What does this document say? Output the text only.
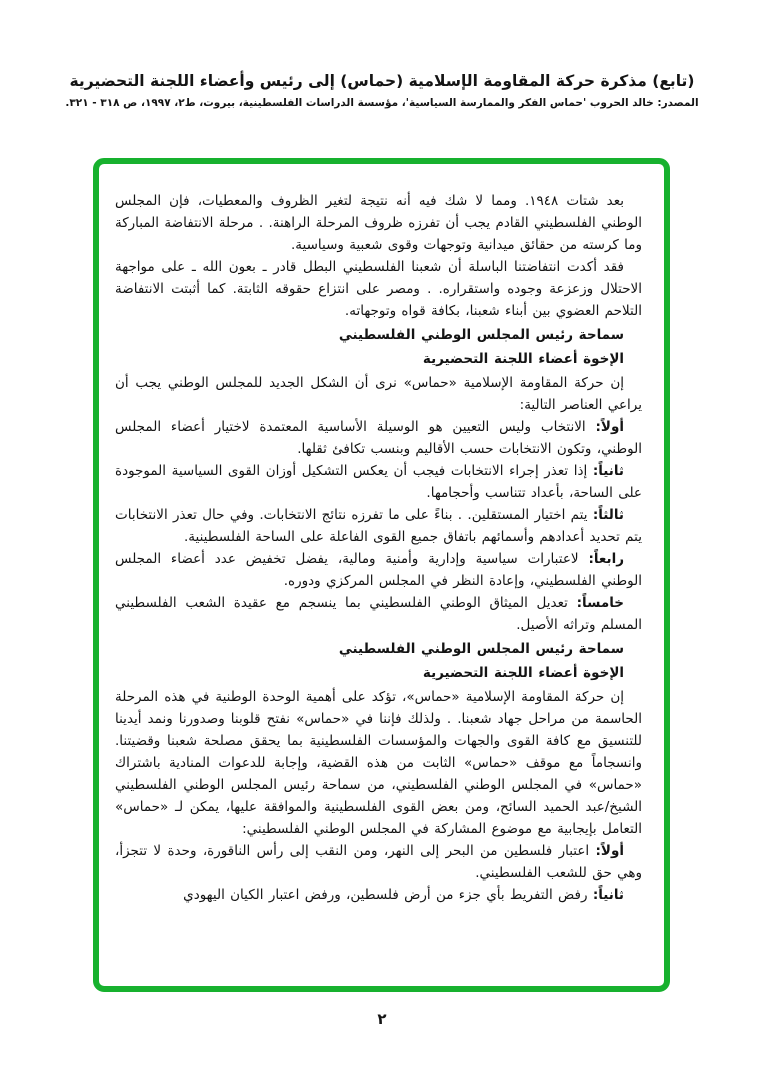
(تابع) مذكرة حركة المقاومة الإسلامية (حماس) إلى رئيس وأعضاء اللجنة التحضيرية
المصدر: خالد الحروب 'حماس الفكر والممارسة السياسية'، مؤسسة الدراسات الفلسطينية، بيروت، ط٢، ١٩٩٧، ص ٣١٨ - ٣٢١.

بعد شتات ١٩٤٨. ومما لا شك فيه أنه نتيجة لتغير الظروف والمعطيات، فإن المجلس الوطني الفلسطيني القادم يجب أن تفرزه ظروف المرحلة الراهنة. . مرحلة الانتفاضة المباركة وما كرسته من حقائق ميدانية وتوجهات وقوى شعبية وسياسية.

فقد أكدت انتفاضتنا الباسلة أن شعبنا الفلسطيني البطل قادر ـ بعون الله ـ على مواجهة الاحتلال وزعزعة وجوده واستقراره. . ومصر على انتزاع حقوقه الثابتة. كما أثبتت الانتفاضة التلاحم العضوي بين أبناء شعبنا، بكافة قواه وتوجهاته.

سماحة رئيس المجلس الوطني الفلسطيني

الإخوة أعضاء اللجنة التحضيرية

إن حركة المقاومة الإسلامية «حماس» نرى أن الشكل الجديد للمجلس الوطني يجب أن يراعي العناصر التالية:

أولاً: الانتخاب وليس التعيين هو الوسيلة الأساسية المعتمدة لاختيار أعضاء المجلس الوطني، وتكون الانتخابات حسب الأقاليم وبنسب تكافئ ثقلها.

ثانياً: إذا تعذر إجراء الانتخابات فيجب أن يعكس التشكيل أوزان القوى السياسية الموجودة على الساحة، بأعداد تتناسب وأحجامها.

ثالثاً: يتم اختيار المستقلين. . بناءً على ما تفرزه نتائج الانتخابات. وفي حال تعذر الانتخابات يتم تحديد أعدادهم وأسمائهم باتفاق جميع القوى الفاعلة على الساحة الفلسطينية.

رابعاً: لاعتبارات سياسية وإدارية وأمنية ومالية، يفضل تخفيض عدد أعضاء المجلس الوطني الفلسطيني، وإعادة النظر في المجلس المركزي ودوره.

خامساً: تعديل الميثاق الوطني الفلسطيني بما ينسجم مع عقيدة الشعب الفلسطيني المسلم وتراثه الأصيل.

سماحة رئيس المجلس الوطني الفلسطيني

الإخوة أعضاء اللجنة التحضيرية

إن حركة المقاومة الإسلامية «حماس»، تؤكد على أهمية الوحدة الوطنية في هذه المرحلة الحاسمة من مراحل جهاد شعبنا. . ولذلك فإننا في «حماس» نفتح قلوبنا وصدورنا ونمد أيدينا للتنسيق مع كافة القوى والجهات والمؤسسات الفلسطينية بما يحقق مصلحة شعبنا وقضيتنا. وانسجاماً مع موقف «حماس» الثابت من هذه القضية، وإجابة للدعوات المنادية باشتراك «حماس» في المجلس الوطني الفلسطيني، من سماحة رئيس المجلس الوطني الفلسطيني الشيخ/عبد الحميد السائح، ومن بعض القوى الفلسطينية والموافقة عليها، يمكن لـ «حماس» التعامل بإيجابية مع موضوع المشاركة في المجلس الوطني الفلسطيني:

أولاً: اعتبار فلسطين من البحر إلى النهر، ومن النقب إلى رأس الناقورة، وحدة لا تتجزأ، وهي حق للشعب الفلسطيني.

ثانياً: رفض التفريط بأي جزء من أرض فلسطين، ورفض اعتبار الكيان اليهودي

٢
